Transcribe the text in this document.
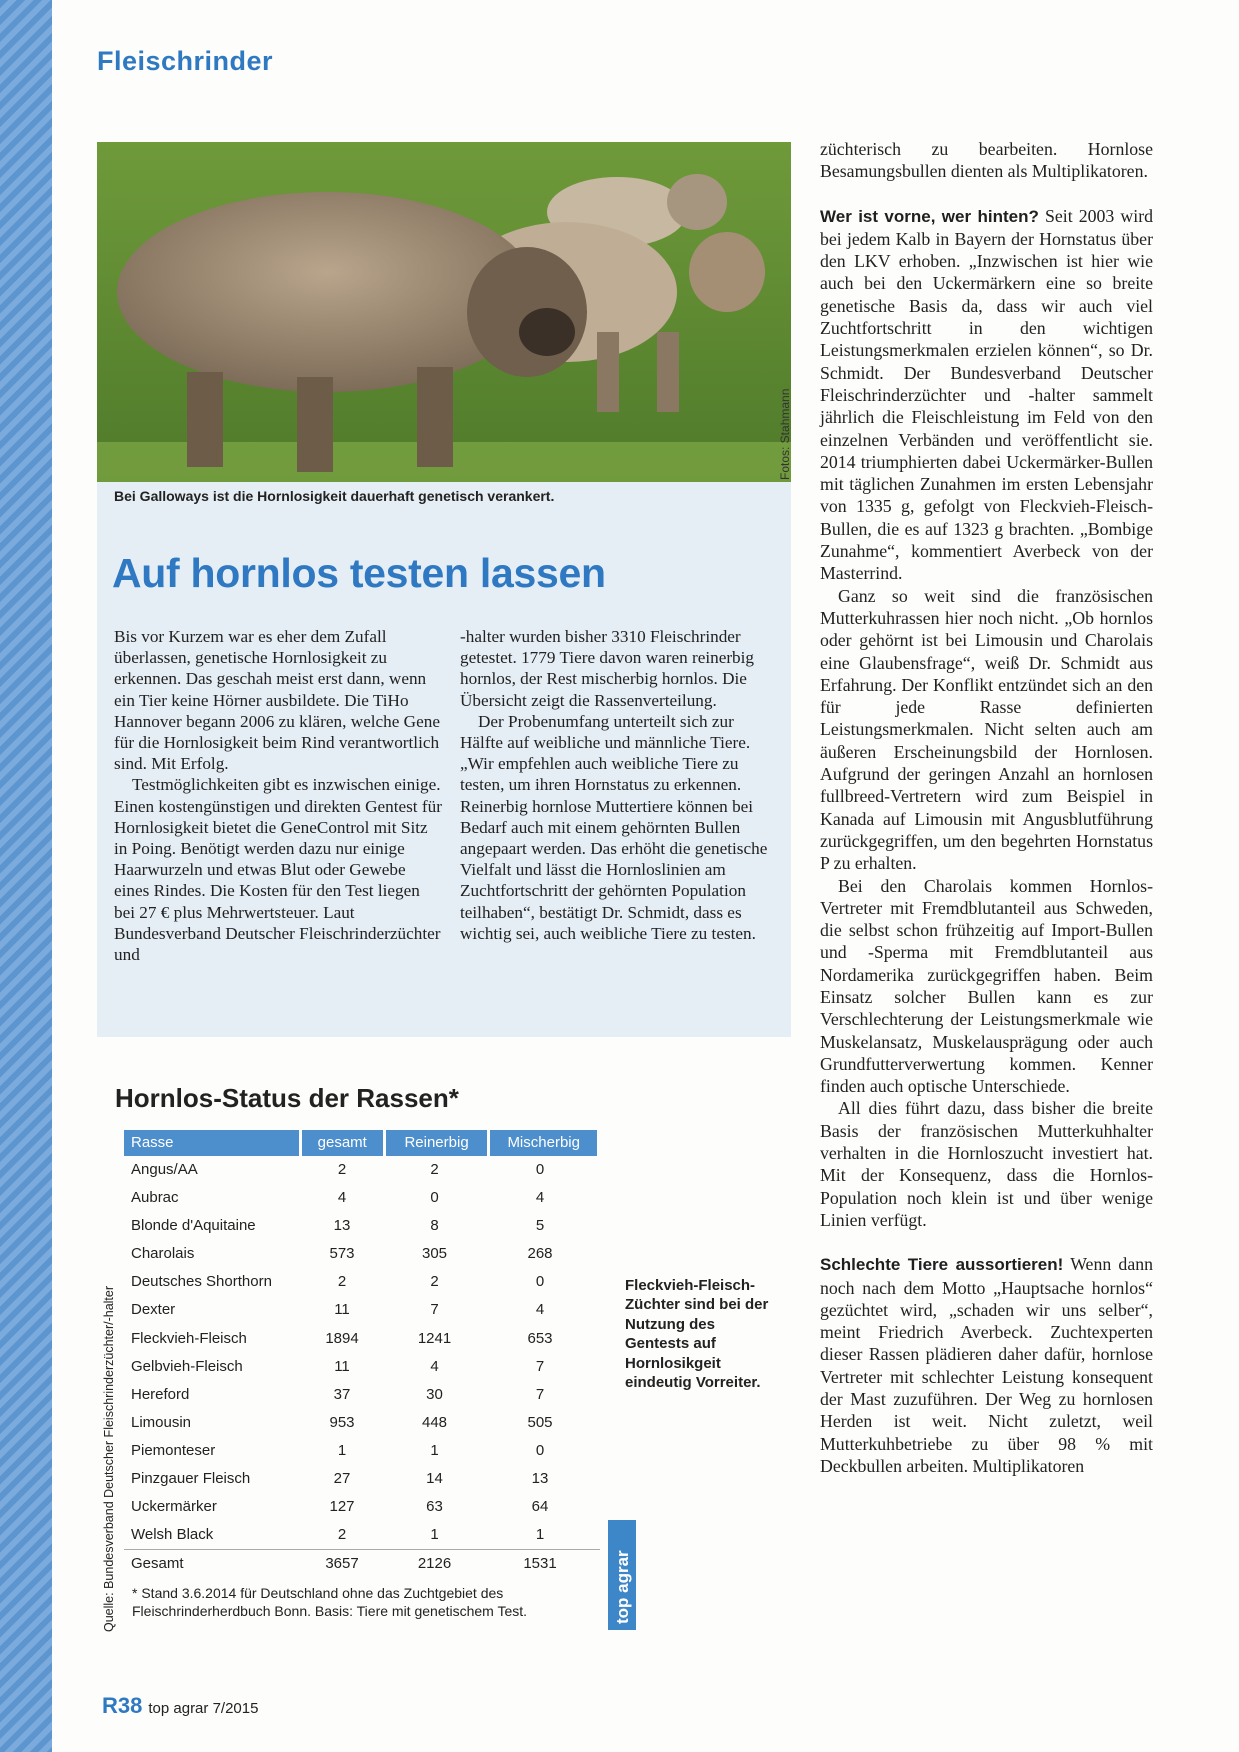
Fleischrinder
Fotos: Stahmann
Bei Galloways ist die Hornlosigkeit dauerhaft genetisch verankert.
Auf hornlos testen lassen

Bis vor Kurzem war es eher dem Zufall überlassen, genetische Hornlosigkeit zu erkennen. Das geschah meist erst dann, wenn ein Tier keine Hörner ausbildete. Die TiHo Hannover begann 2006 zu klären, welche Gene für die Hornlosigkeit beim Rind verantwortlich sind. Mit Erfolg.

Testmöglichkeiten gibt es inzwischen einige. Einen kostengünstigen und direkten Gentest für Hornlosigkeit bietet die GeneControl mit Sitz in Poing. Benötigt werden dazu nur einige Haarwurzeln und etwas Blut oder Gewebe eines Rindes. Die Kosten für den Test liegen bei 27 € plus Mehrwertsteuer. Laut Bundesverband Deutscher Fleischrinderzüchter und

-halter wurden bisher 3310 Fleischrinder getestet. 1779 Tiere davon waren reinerbig hornlos, der Rest mischerbig hornlos. Die Übersicht zeigt die Rassenverteilung.

Der Probenumfang unterteilt sich zur Hälfte auf weibliche und männliche Tiere. „Wir empfehlen auch weibliche Tiere zu testen, um ihren Hornstatus zu erkennen. Reinerbig hornlose Muttertiere können bei Bedarf auch mit einem gehörnten Bullen angepaart werden. Das erhöht die genetische Vielfalt und lässt die Hornloslinien am Zuchtfortschritt der gehörnten Population teilhaben“, bestätigt Dr. Schmidt, dass es wichtig sei, auch weibliche Tiere zu testen.

züchterisch zu bearbeiten. Hornlose Besamungsbullen dienten als Multiplikatoren.

Wer ist vorne, wer hinten? Seit 2003 wird bei jedem Kalb in Bayern der Hornstatus über den LKV erhoben. „Inzwischen ist hier wie auch bei den Uckermärkern eine so breite genetische Basis da, dass wir auch viel Zuchtfortschritt in den wichtigen Leistungsmerkmalen erzielen können“, so Dr. Schmidt. Der Bundesverband Deutscher Fleischrinderzüchter und -halter sammelt jährlich die Fleischleistung im Feld von den einzelnen Verbänden und veröffentlicht sie. 2014 triumphierten dabei Uckermärker-Bullen mit täglichen Zunahmen im ersten Lebensjahr von 1335 g, gefolgt von Fleckvieh-Fleisch-Bullen, die es auf 1323 g brachten. „Bombige Zunahme“, kommentiert Averbeck von der Masterrind.

Ganz so weit sind die französischen Mutterkuhrassen hier noch nicht. „Ob hornlos oder gehörnt ist bei Limousin und Charolais eine Glaubensfrage“, weiß Dr. Schmidt aus Erfahrung. Der Konflikt entzündet sich an den für jede Rasse definierten Leistungsmerkmalen. Nicht selten auch am äußeren Erscheinungsbild der Hornlosen. Aufgrund der geringen Anzahl an hornlosen fullbreed-Vertretern wird zum Beispiel in Kanada auf Limousin mit Angusblutführung zurückgegriffen, um den begehrten Hornstatus P zu erhalten.

Bei den Charolais kommen Hornlos-Vertreter mit Fremdblutanteil aus Schweden, die selbst schon frühzeitig auf Import-Bullen und -Sperma mit Fremdblutanteil aus Nordamerika zurückgegriffen haben. Beim Einsatz solcher Bullen kann es zur Verschlechterung der Leistungsmerkmale wie Muskelansatz, Muskelausprägung oder auch Grundfutterverwertung kommen. Kenner finden auch optische Unterschiede.

All dies führt dazu, dass bisher die breite Basis der französischen Mutterkuhhalter verhalten in die Hornloszucht investiert hat. Mit der Konsequenz, dass die Hornlos-Population noch klein ist und über wenige Linien verfügt.

Schlechte Tiere aussortieren! Wenn dann noch nach dem Motto „Hauptsache hornlos“ gezüchtet wird, „schaden wir uns selber“, meint Friedrich Averbeck. Zuchtexperten dieser Rassen plädieren daher dafür, hornlose Vertreter mit schlechter Leistung konsequent der Mast zuzuführen. Der Weg zu hornlosen Herden ist weit. Nicht zuletzt, weil Mutterkuhbetriebe zu über 98 % mit Deckbullen arbeiten. Multiplikatoren

Hornlos-Status der Rassen*
Rasse	gesamt	Reinerbig	Mischerbig
Angus/AA	2	2	0
Aubrac	4	0	4
Blonde d'Aquitaine	13	8	5
Charolais	573	305	268
Deutsches Shorthorn	2	2	0
Dexter	11	7	4
Fleckvieh-Fleisch	1894	1241	653
Gelbvieh-Fleisch	11	4	7
Hereford	37	30	7
Limousin	953	448	505
Piemonteser	1	1	0
Pinzgauer Fleisch	27	14	13
Uckermärker	127	63	64
Welsh Black	2	1	1
Gesamt	3657	2126	1531
* Stand 3.6.2014 für Deutschland ohne das Zuchtgebiet des Fleischrinderherdbuch Bonn. Basis: Tiere mit genetischem Test.
Quelle: Bundesverband Deutscher Fleischrinderzüchter/-halter
Fleckvieh-Fleisch-Züchter sind bei der Nutzung des Gentests auf Hornlosikgeit eindeutig Vorreiter.
top agrar
R38 top agrar 7/2015
